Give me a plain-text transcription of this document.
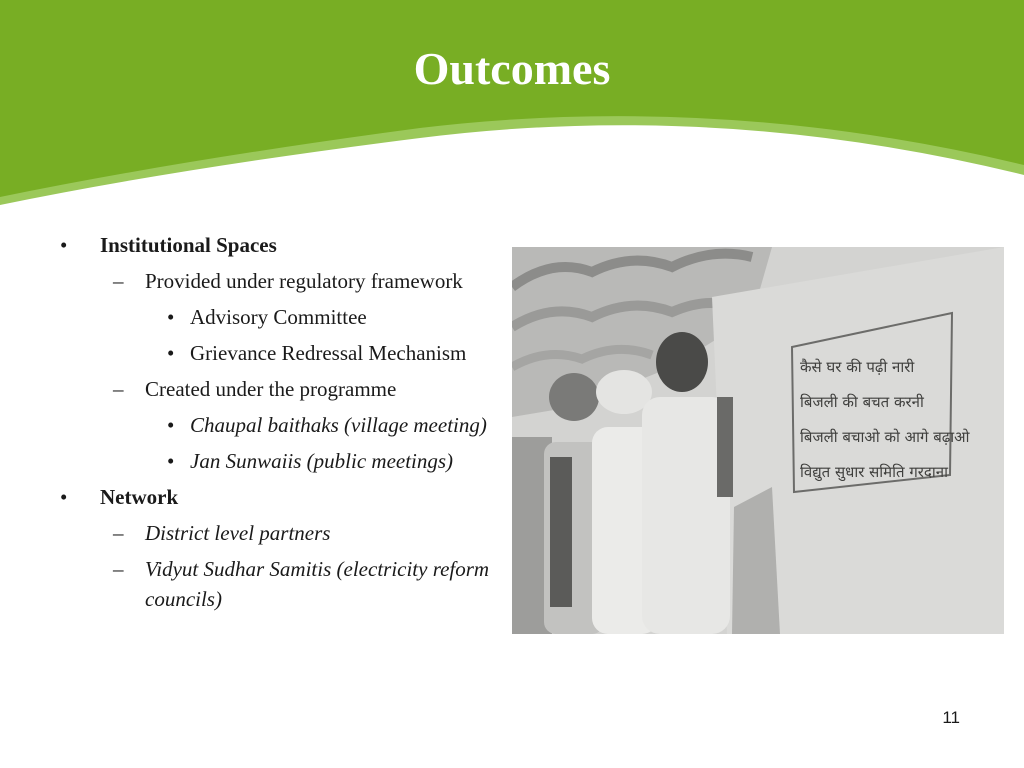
Outcomes

• Institutional Spaces

– Provided under regulatory framework

• Advisory Committee

• Grievance Redressal Mechanism

– Created under the programme

• Chaupal baithaks (village meeting)

• Jan Sunwaiis (public meetings)

• Network

– District level partners

– Vidyut Sudhar Samitis (electricity reform councils)

कैसे घर की पढ़ी नारी
बिजली की बचत करनी
बिजली बचाओ को आगे बढ़ाओ
विद्युत सुधार समिति गरदाना
11
